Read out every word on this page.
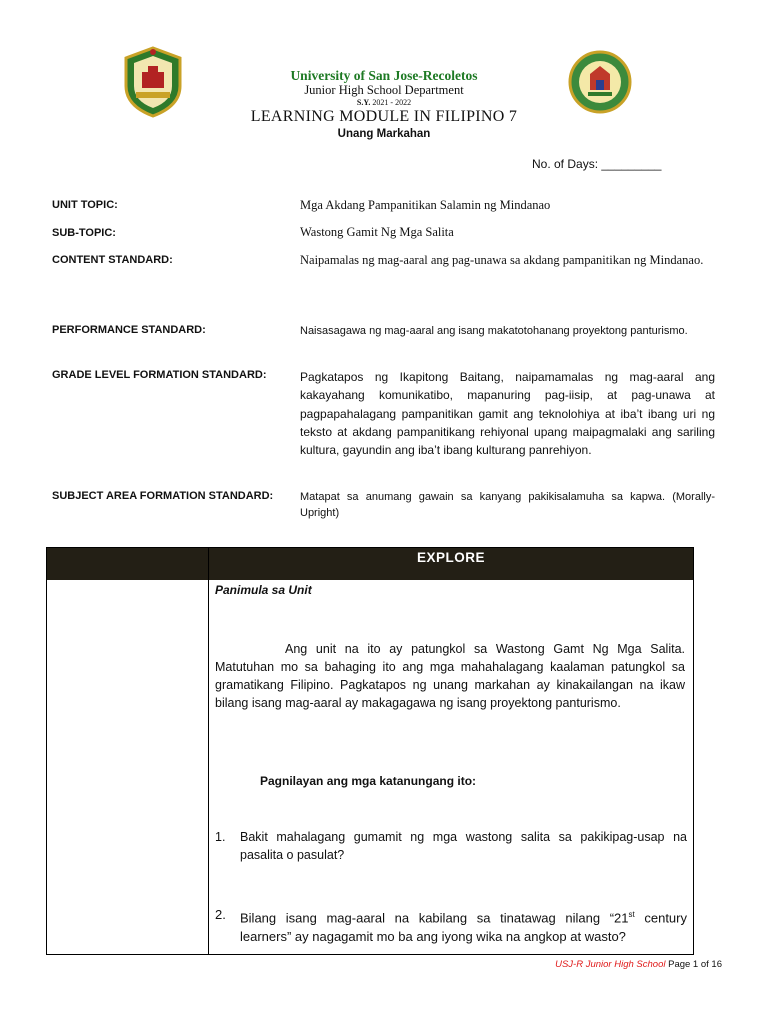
University of San Jose-Recoletos
Junior High School Department
S.Y. 2021 - 2022
LEARNING MODULE IN FILIPINO 7
Unang Markahan
No. of Days: _________
UNIT TOPIC:	Mga Akdang Pampanitikan Salamin ng Mindanao
SUB-TOPIC:	Wastong Gamit Ng Mga Salita
CONTENT STANDARD:	Naipamalas ng mag-aaral ang pag-unawa sa akdang pampanitikan ng Mindanao.
PERFORMANCE STANDARD:	Naisasagawa ng mag-aaral ang isang makatotohanang proyektong panturismo.
GRADE LEVEL FORMATION STANDARD:	Pagkatapos ng Ikapitong Baitang, naipamamalas ng mag-aaral ang kakayahang komunikatibo, mapanuring pag-iisip, at pag-unawa at pagpapahalagang pampanitikan gamit ang teknolohiya at iba’t ibang uri ng teksto at akdang pampanitikang rehiyonal upang maipagmalaki ang sariling kultura, gayundin ang iba’t ibang kulturang panrehiyon.
SUBJECT AREA FORMATION STANDARD: Matapat sa anumang gawain sa kanyang pakikisalamuha sa kapwa. (Morally-Upright)
EXPLORE
Panimula sa Unit
Ang unit na ito ay patungkol sa Wastong Gamt Ng Mga Salita. Matutuhan mo sa bahaging ito ang mga mahahalagang kaalaman patungkol sa gramatikang Filipino. Pagkatapos ng unang markahan ay kinakailangan na ikaw bilang isang mag-aaral ay makagagawa ng isang proyektong panturismo.
Pagnilayan ang mga katanungang ito:
1. Bakit mahalagang gumamit ng mga wastong salita sa pakikipag-usap na pasalita o pasulat?
2. Bilang isang mag-aaral na kabilang sa tinatawag nilang “21st century learners” ay nagagamit mo ba ang iyong wika na angkop at wasto?
USJ-R Junior High School Page 1 of 16
